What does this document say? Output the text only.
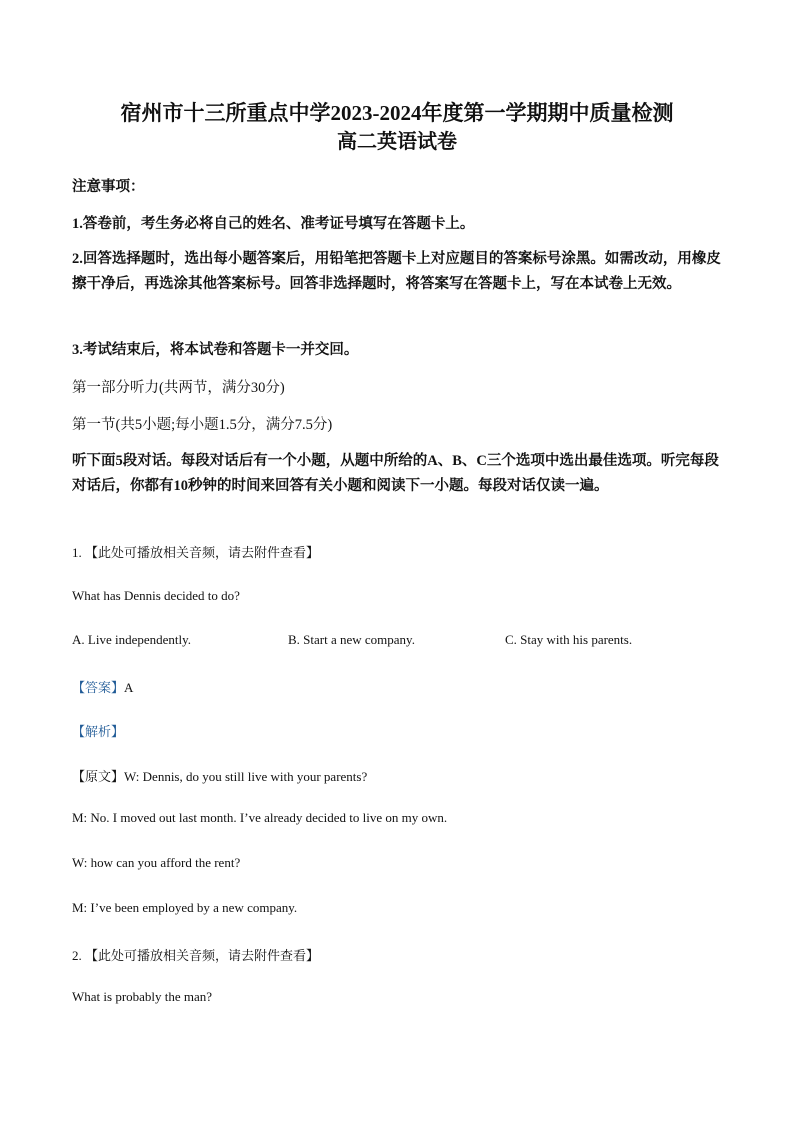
宿州市十三所重点中学2023-2024年度第一学期期中质量检测
高二英语试卷
注意事项：
1.答卷前，考生务必将自己的姓名、准考证号填写在答题卡上。
2.回答选择题时，选出每小题答案后，用铅笔把答题卡上对应题目的答案标号涂黑。如需改动，用橡皮擦干净后，再选涂其他答案标号。回答非选择题时，将答案写在答题卡上，写在本试卷上无效。
3.考试结束后，将本试卷和答题卡一并交回。
第一部分听力(共两节，满分30分)
第一节(共5小题;每小题1.5分，满分7.5分)
听下面5段对话。每段对话后有一个小题，从题中所给的A、B、C三个选项中选出最佳选项。听完每段对话后，你都有10秒钟的时间来回答有关小题和阅读下一小题。每段对话仅读一遍。
1. 【此处可播放相关音频，请去附件查看】
What has Dennis decided to do?
A. Live independently.	B. Start a new company.	C. Stay with his parents.
【答案】A
【解析】
【原文】W: Dennis, do you still live with your parents?
M: No. I moved out last month. I’ve already decided to live on my own.
W: how can you afford the rent?
M: I’ve been employed by a new company.
2. 【此处可播放相关音频，请去附件查看】
What is probably the man?
